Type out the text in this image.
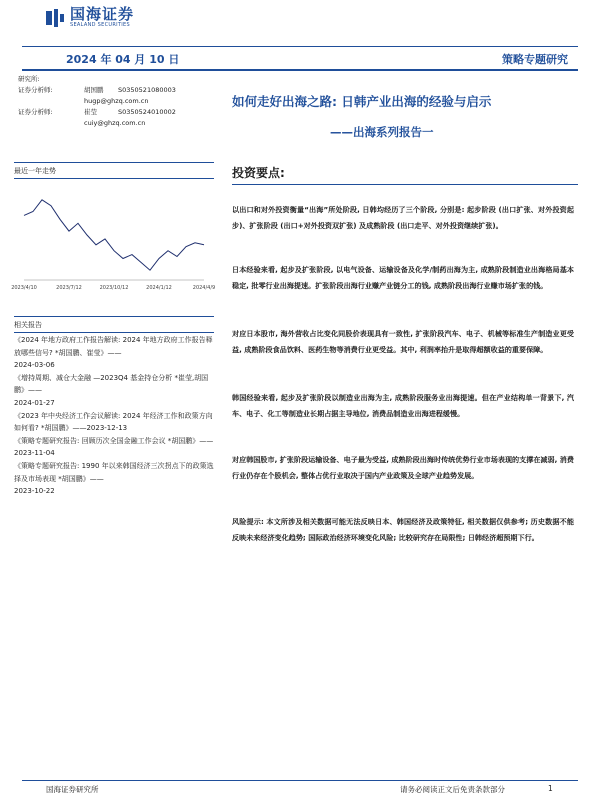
国海证券
SEALAND SECURITIES
2024 年 04 月 10 日	策略专题研究
研究所:
证券分析师:	胡国鹏 S0350521080003
hugp@ghzq.com.cn
证券分析师:	崔莹	S0350524010002
cuiy@ghzq.com.cn
最近一年走势
2023/4/10	2023/7/12	2023/10/12	2024/1/12	2024/4/9
相关报告
《2024 年地方政府工作报告解读: 2024 年地方政府工作报告释放哪些信号? *胡国鹏、崔莹》——
2024-03-06
《增持周期、减仓大金融 —2023Q4 基金持仓分析 *崔莹,胡国鹏》——
2024-01-27
《2023 年中央经济工作会议解读: 2024 年经济工作和政策方向如何看? *胡国鹏》——2023-12-13
《策略专题研究报告: 回顾历次全国金融工作会议 *胡国鹏》——2023-11-04
《策略专题研究报告: 1990 年以来韩国经济三次拐点下的政策选择及市场表现 *胡国鹏》——
2023-10-22
如何走好出海之路: 日韩产业出海的经验与启示
——出海系列报告一
投资要点:
以出口和对外投资衡量“出海”所处阶段, 日韩均经历了三个阶段, 分别是: 起步阶段 (出口扩张、对外投资起步)、扩张阶段 (出口+对外投资双扩张) 及成熟阶段 (出口走平、对外投资继续扩张)。
日本经验来看, 起步及扩张阶段, 以电气设备、运输设备及化学/制药出海为主, 成熟阶段制造业出海格局基本稳定, 批零行业出海提速。扩张阶段出海行业赚产业链分工的钱, 成熟阶段出海行业赚市场扩张的钱。
对应日本股市, 海外营收占比变化同股价表现具有一致性, 扩张阶段汽车、电子、机械等标准生产制造业更受益, 成熟阶段食品饮料、医药生物等消费行业更受益。其中, 利润率抬升是取得超额收益的重要保障。
韩国经验来看, 起步及扩张阶段以制造业出海为主, 成熟阶段服务业出海提速。但在产业结构单一背景下, 汽车、电子、化工等制造业长期占据主导地位, 消费品制造业出海进程缓慢。
对应韩国股市, 扩张阶段运输设备、电子最为受益, 成熟阶段出海时传统优势行业市场表现的支撑在减弱, 消费行业仍存在个股机会, 整体占优行业取决于国内产业政策及全球产业趋势发展。
风险提示: 本文所涉及相关数据可能无法反映日本、韩国经济及政策特征, 相关数据仅供参考; 历史数据不能反映未来经济变化趋势; 国际政治经济环境变化风险; 比较研究存在局限性; 日韩经济超预期下行。
国海证券研究所	请务必阅读正文后免责条款部分	1
